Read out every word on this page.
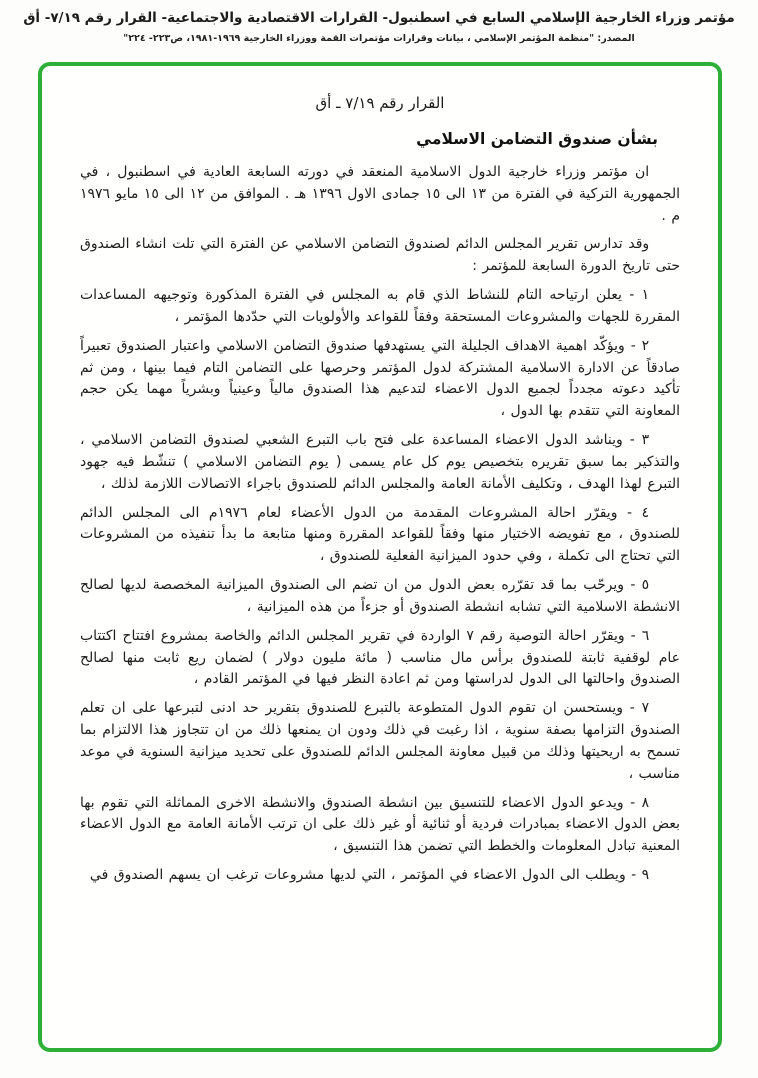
مؤتمر وزراء الخارجية الإسلامي السابع في اسطنبول- القرارات الاقتصادية والاجتماعية- القرار رقم ٧/١٩- أق
المصدر: "منظمة المؤتمر الإسلامي ، بيانات وقرارات مؤتمرات القمة ووزراء الخارجية ١٩٦٩-١٩٨١، ص٢٢٣- ٢٢٤"
القرار رقم ٧/١٩ ـ أق
بشأن صندوق التضامن الاسلامي

ان مؤتمر وزراء خارجية الدول الاسلامية المنعقد في دورته السابعة العادية في اسطنبول ، في الجمهورية التركية في الفترة من ١٣ الى ١٥ جمادى الاول ١٣٩٦ هـ . الموافق من ١٢ الى ١٥ مايو ١٩٧٦ م .

وقد تدارس تقرير المجلس الدائم لصندوق التضامن الاسلامي عن الفترة التي تلت انشاء الصندوق حتى تاريخ الدورة السابعة للمؤتمر :

١ - يعلن ارتياحه التام للنشاط الذي قام به المجلس في الفترة المذكورة وتوجيهه المساعدات المقررة للجهات والمشروعات المستحقة وفقاً للقواعد والأولويات التي حدّدها المؤتمر ،

٢ - ويؤكّد اهمية الاهداف الجليلة التي يستهدفها صندوق التضامن الاسلامي واعتبار الصندوق تعبيراً صادقاً عن الادارة الاسلامية المشتركة لدول المؤتمر وحرصها على التضامن التام فيما بينها ، ومن ثم تأكيد دعوته مجدداً لجميع الدول الاعضاء لتدعيم هذا الصندوق مالياً وعينياً وبشرياً مهما يكن حجم المعاونة التي تتقدم بها الدول ،

٣ - ويناشد الدول الاعضاء المساعدة على فتح باب التبرع الشعبي لصندوق التضامن الاسلامي ، والتذكير بما سبق تقريره بتخصيص يوم كل عام يسمى ( يوم التضامن الاسلامي ) تنشّط فيه جهود التبرع لهذا الهدف ، وتكليف الأمانة العامة والمجلس الدائم للصندوق باجراء الاتصالات اللازمة لذلك ،

٤ - ويقرّر احالة المشروعات المقدمة من الدول الأعضاء لعام ١٩٧٦م الى المجلس الدائم للصندوق ، مع تفويضه الاختيار منها وفقاً للقواعد المقررة ومنها متابعة ما بدأ تنفيذه من المشروعات التي تحتاج الى تكملة ، وفي حدود الميزانية الفعلية للصندوق ،

٥ - ويرحّب بما قد تقرّره بعض الدول من ان تضم الى الصندوق الميزانية المخصصة لديها لصالح الانشطة الاسلامية التي تشابه انشطة الصندوق أو جزءاً من هذه الميزانية ،

٦ - ويقرّر احالة التوصية رقم ٧ الواردة في تقرير المجلس الدائم والخاصة بمشروع افتتاح اكتتاب عام لوقفية ثابتة للصندوق برأس مال مناسب ( مائة مليون دولار ) لضمان ريع ثابت منها لصالح الصندوق واحالتها الى الدول لدراستها ومن ثم اعادة النظر فيها في المؤتمر القادم ،

٧ - ويستحسن ان تقوم الدول المتطوعة بالتبرع للصندوق بتقرير حد ادنى لتبرعها على ان تعلم الصندوق التزامها بصفة سنوية ، اذا رغبت في ذلك ودون ان يمنعها ذلك من ان تتجاوز هذا الالتزام بما تسمح به اريحيتها وذلك من قبيل معاونة المجلس الدائم للصندوق على تحديد ميزانية السنوية في موعد مناسب ،

٨ - ويدعو الدول الاعضاء للتنسيق بين انشطة الصندوق والانشطة الاخرى المماثلة التي تقوم بها بعض الدول الاعضاء بمبادرات فردية أو ثنائية أو غير ذلك على ان ترتب الأمانة العامة مع الدول الاعضاء المعنية تبادل المعلومات والخطط التي تضمن هذا التنسيق ،

٩ - ويطلب الى الدول الاعضاء في المؤتمر ، التي لديها مشروعات ترغب ان يسهم الصندوق في
